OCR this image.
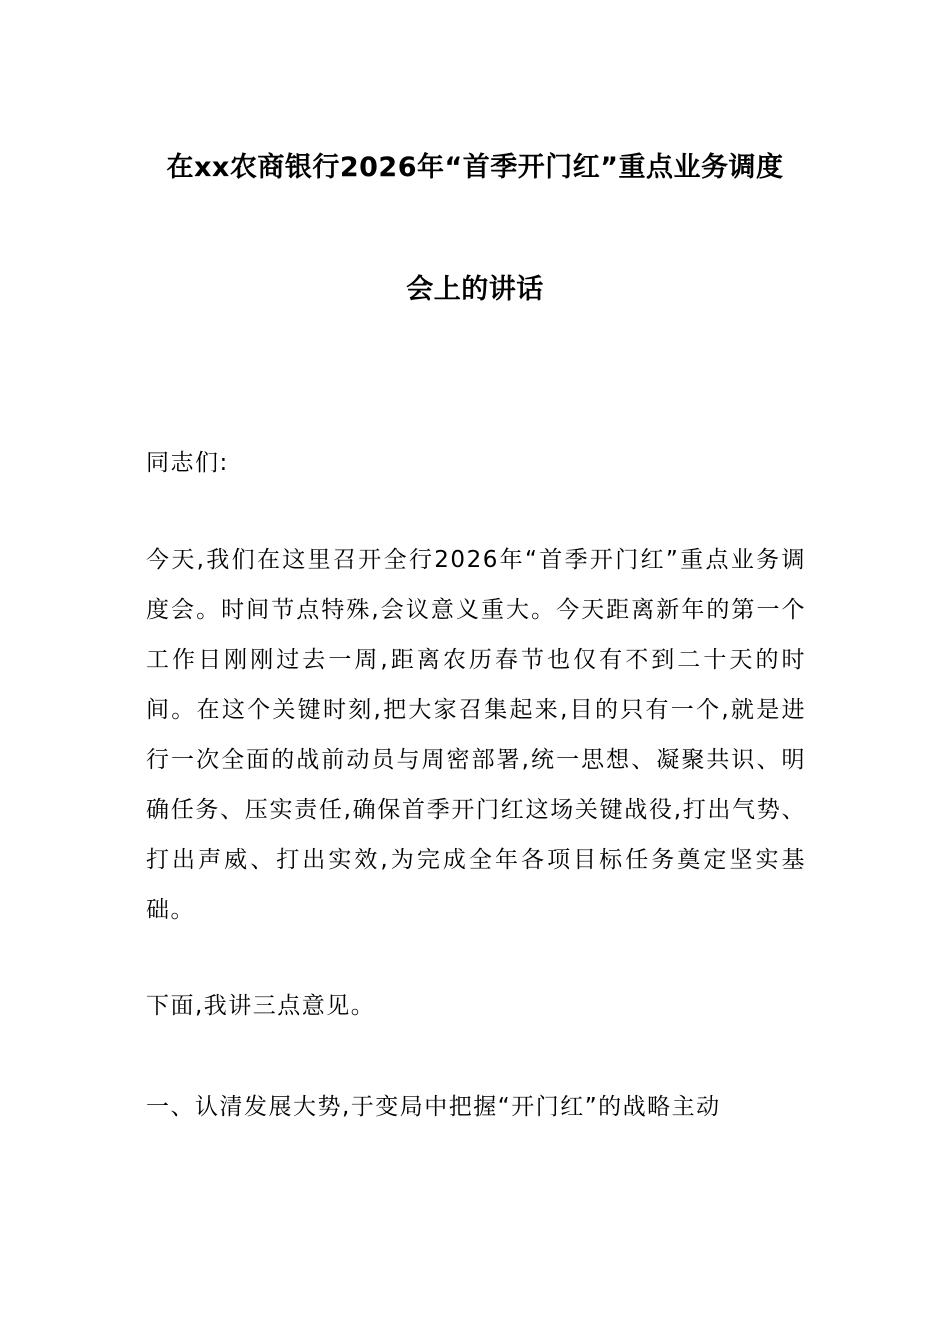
在xx农商银行2026年“首季开门红”重点业务调度
会上的讲话

同志们:

今天,我们在这里召开全行2026年“首季开门红”重点业务调度会。时间节点特殊,会议意义重大。今天距离新年的第一个工作日刚刚过去一周,距离农历春节也仅有不到二十天的时间。在这个关键时刻,把大家召集起来,目的只有一个,就是进行一次全面的战前动员与周密部署,统一思想、凝聚共识、明确任务、压实责任,确保首季开门红这场关键战役,打出气势、打出声威、打出实效,为完成全年各项目标任务奠定坚实基础。

下面,我讲三点意见。

一、认清发展大势,于变局中把握“开门红”的战略主动
